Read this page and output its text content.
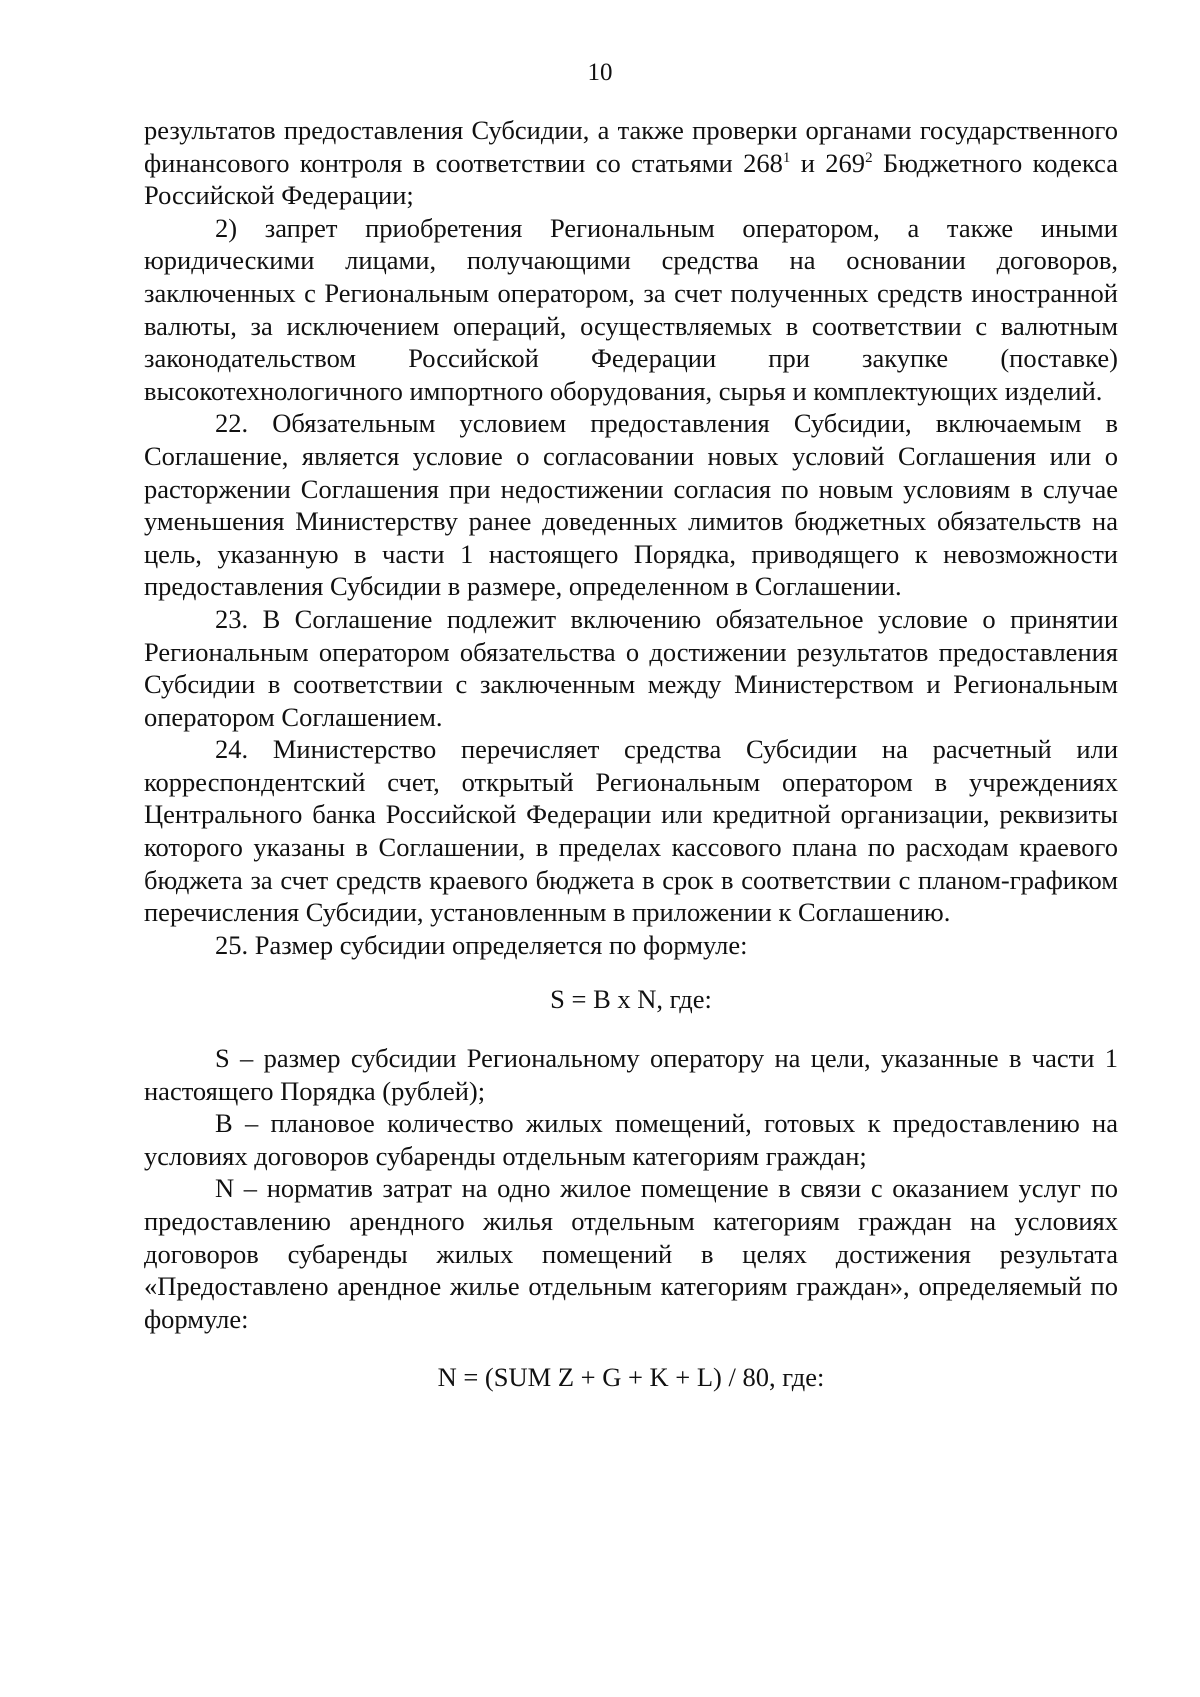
10

результатов предоставления Субсидии, а также проверки органами государственного финансового контроля в соответствии со статьями $268^1$ и $269^2$ Бюджетного кодекса Российской Федерации;

2) запрет приобретения Региональным оператором, а также иными юридическими лицами, получающими средства на основании договоров, заключенных с Региональным оператором, за счет полученных средств иностранной валюты, за исключением операций, осуществляемых в соответствии с валютным законодательством Российской Федерации при закупке (поставке) высокотехнологичного импортного оборудования, сырья и комплектующих изделий.

22. Обязательным условием предоставления Субсидии, включаемым в Соглашение, является условие о согласовании новых условий Соглашения или о расторжении Соглашения при недостижении согласия по новым условиям в случае уменьшения Министерству ранее доведенных лимитов бюджетных обязательств на цель, указанную в части 1 настоящего Порядка, приводящего к невозможности предоставления Субсидии в размере, определенном в Соглашении.

23. В Соглашение подлежит включению обязательное условие о принятии Региональным оператором обязательства о достижении результатов предоставления Субсидии в соответствии с заключенным между Министерством и Региональным оператором Соглашением.

24. Министерство перечисляет средства Субсидии на расчетный или корреспондентский счет, открытый Региональным оператором в учреждениях Центрального банка Российской Федерации или кредитной организации, реквизиты которого указаны в Соглашении, в пределах кассового плана по расходам краевого бюджета за счет средств краевого бюджета в срок в соответствии с планом-графиком перечисления Субсидии, установленным в приложении к Соглашению.

25. Размер субсидии определяется по формуле:

S = B x N, где:

S – размер субсидии Региональному оператору на цели, указанные в части 1 настоящего Порядка (рублей);

B – плановое количество жилых помещений, готовых к предоставлению на условиях договоров субаренды отдельным категориям граждан;

N – норматив затрат на одно жилое помещение в связи с оказанием услуг по предоставлению арендного жилья отдельным категориям граждан на условиях договоров субаренды жилых помещений в целях достижения результата «Предоставлено арендное жилье отдельным категориям граждан», определяемый по формуле:

N = (SUM Z + G + K + L) / 80, где:
